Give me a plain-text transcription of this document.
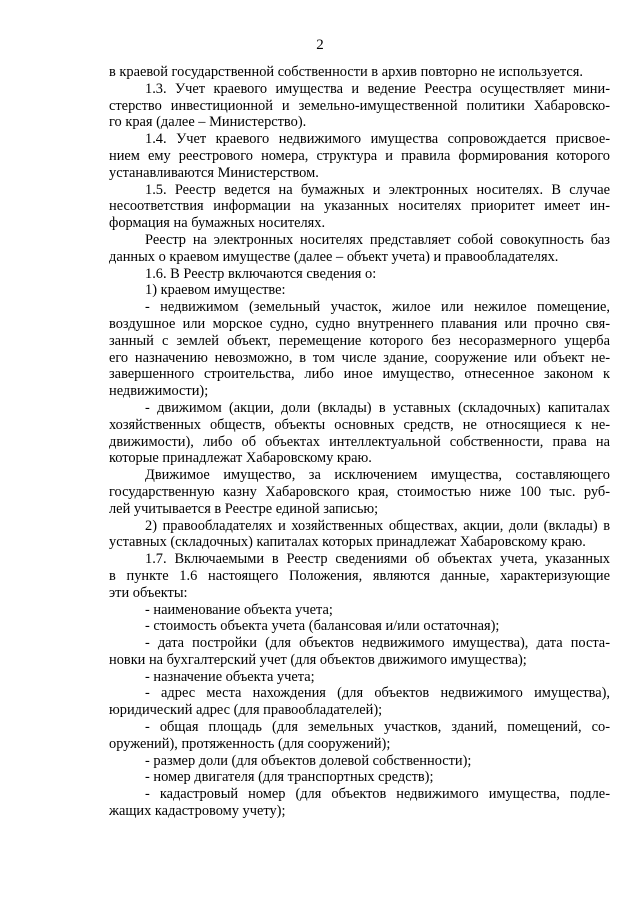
2
в краевой государственной собственности в архив повторно не используется.
1.3. Учет краевого имущества и ведение Реестра осуществляет мини-
стерство инвестиционной и земельно-имущественной политики Хабаровско-
го края (далее – Министерство).
1.4. Учет краевого недвижимого имущества сопровождается присвое-
нием ему реестрового номера, структура и правила формирования которого
устанавливаются Министерством.
1.5. Реестр ведется на бумажных и электронных носителях. В случае
несоответствия информации на указанных носителях приоритет имеет ин-
формация на бумажных носителях.
Реестр на электронных носителях представляет собой совокупность баз
данных о краевом имуществе (далее – объект учета) и правообладателях.
1.6. В Реестр включаются сведения о:
1) краевом имуществе:
- недвижимом (земельный участок, жилое или нежилое помещение,
воздушное или морское судно, судно внутреннего плавания или прочно свя-
занный с землей объект, перемещение которого без несоразмерного ущерба
его назначению невозможно, в том числе здание, сооружение или объект не-
завершенного строительства, либо иное имущество, отнесенное законом к
недвижимости);
- движимом (акции, доли (вклады) в уставных (складочных) капиталах
хозяйственных обществ, объекты основных средств, не относящиеся к не-
движимости), либо об объектах интеллектуальной собственности, права на
которые принадлежат Хабаровскому краю.
Движимое имущество, за исключением имущества, составляющего
государственную казну Хабаровского края, стоимостью ниже 100 тыс. руб-
лей учитывается в Реестре единой записью;
2) правообладателях и хозяйственных обществах, акции, доли (вклады) в
уставных (складочных) капиталах которых принадлежат Хабаровскому краю.
1.7. Включаемыми в Реестр сведениями об объектах учета, указанных
в пункте 1.6 настоящего Положения, являются данные, характеризующие
эти объекты:
- наименование объекта учета;
- стоимость объекта учета (балансовая и/или остаточная);
- дата постройки (для объектов недвижимого имущества), дата поста-
новки на бухгалтерский учет (для объектов движимого имущества);
- назначение объекта учета;
- адрес места нахождения (для объектов недвижимого имущества),
юридический адрес (для правообладателей);
- общая площадь (для земельных участков, зданий, помещений, со-
оружений), протяженность (для сооружений);
- размер доли (для объектов долевой собственности);
- номер двигателя (для транспортных средств);
- кадастровый номер (для объектов недвижимого имущества, подле-
жащих кадастровому учету);
